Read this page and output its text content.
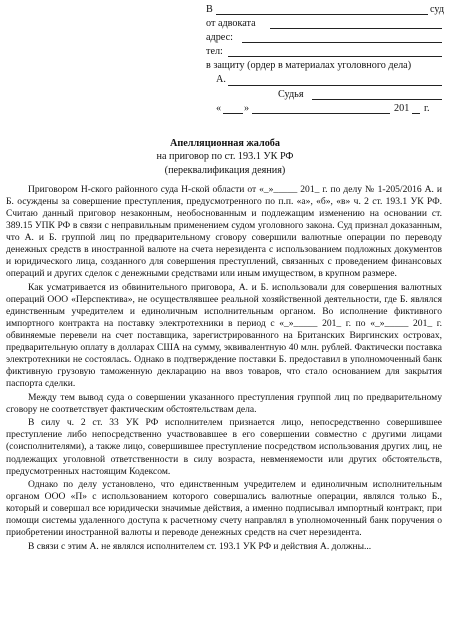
В	суд
от адвоката
адрес:
тел:
в защиту (ордер в материалах уголовного дела)
А.
Судья
« »	201 г.
Апелляционная жалоба
на приговор по ст. 193.1 УК РФ
(переквалификация деяния)

Приговором Н-ского районного суда Н-ской области от «_»_____ 201_ г. по делу № 1-205/2016 А. и Б. осуждены за совершение преступления, предусмотренного по п.п. «а», «б», «в» ч. 2 ст. 193.1 УК РФ. Считаю данный приговор незаконным, необоснованным и подлежащим изменению на основании ст. 389.15 УПК РФ в связи с неправильным применением судом уголовного закона. Суд признал доказанным, что А. и Б. группой лиц по предварительному сговору совершили валютные операции по переводу денежных средств в иностранной валюте на счета нерезидента с использованием подложных документов и юридического лица, созданного для совершения преступлений, связанных с проведением финансовых операций и других сделок с денежными средствами или иным имуществом, в крупном размере.

Как усматривается из обвинительного приговора, А. и Б. использовали для совершения валютных операций ООО «Перспектива», не осуществлявшее реальной хозяйственной деятельности, где Б. являлся единственным учредителем и единоличным исполнительным органом. Во исполнение фиктивного импортного контракта на поставку электротехники в период с «_»_____ 201_ г. по «_»_____ 201_ г. обвиняемые перевели на счет поставщика, зарегистрированного на Британских Виргинских островах, предварительную оплату в долларах США на сумму, эквивалентную 40 млн. рублей. Фактически поставка электротехники не состоялась. Однако в подтверждение поставки Б. предоставил в уполномоченный банк фиктивную грузовую таможенную декларацию на ввоз товаров, что стало основанием для закрытия паспорта сделки.

Между тем вывод суда о совершении указанного преступления группой лиц по предварительному сговору не соответствует фактическим обстоятельствам дела.

В силу ч. 2 ст. 33 УК РФ исполнителем признается лицо, непосредственно совершившее преступление либо непосредственно участвовавшее в его совершении совместно с другими лицами (соисполнителями), а также лицо, совершившее преступление посредством использования других лиц, не подлежащих уголовной ответственности в силу возраста, невменяемости или других обстоятельств, предусмотренных настоящим Кодексом.

Однако по делу установлено, что единственным учредителем и единоличным исполнительным органом ООО «П» с использованием которого совершались валютные операции, являлся только Б., который и совершал все юридически значимые действия, а именно подписывал импортный контракт, при помощи системы удаленного доступа к расчетному счету направлял в уполномоченный банк поручения о приобретении иностранной валюты и переводе денежных средств на счет нерезидента.

В связи с этим А. не являлся исполнителем ст. 193.1 УК РФ и действия А. должны...
